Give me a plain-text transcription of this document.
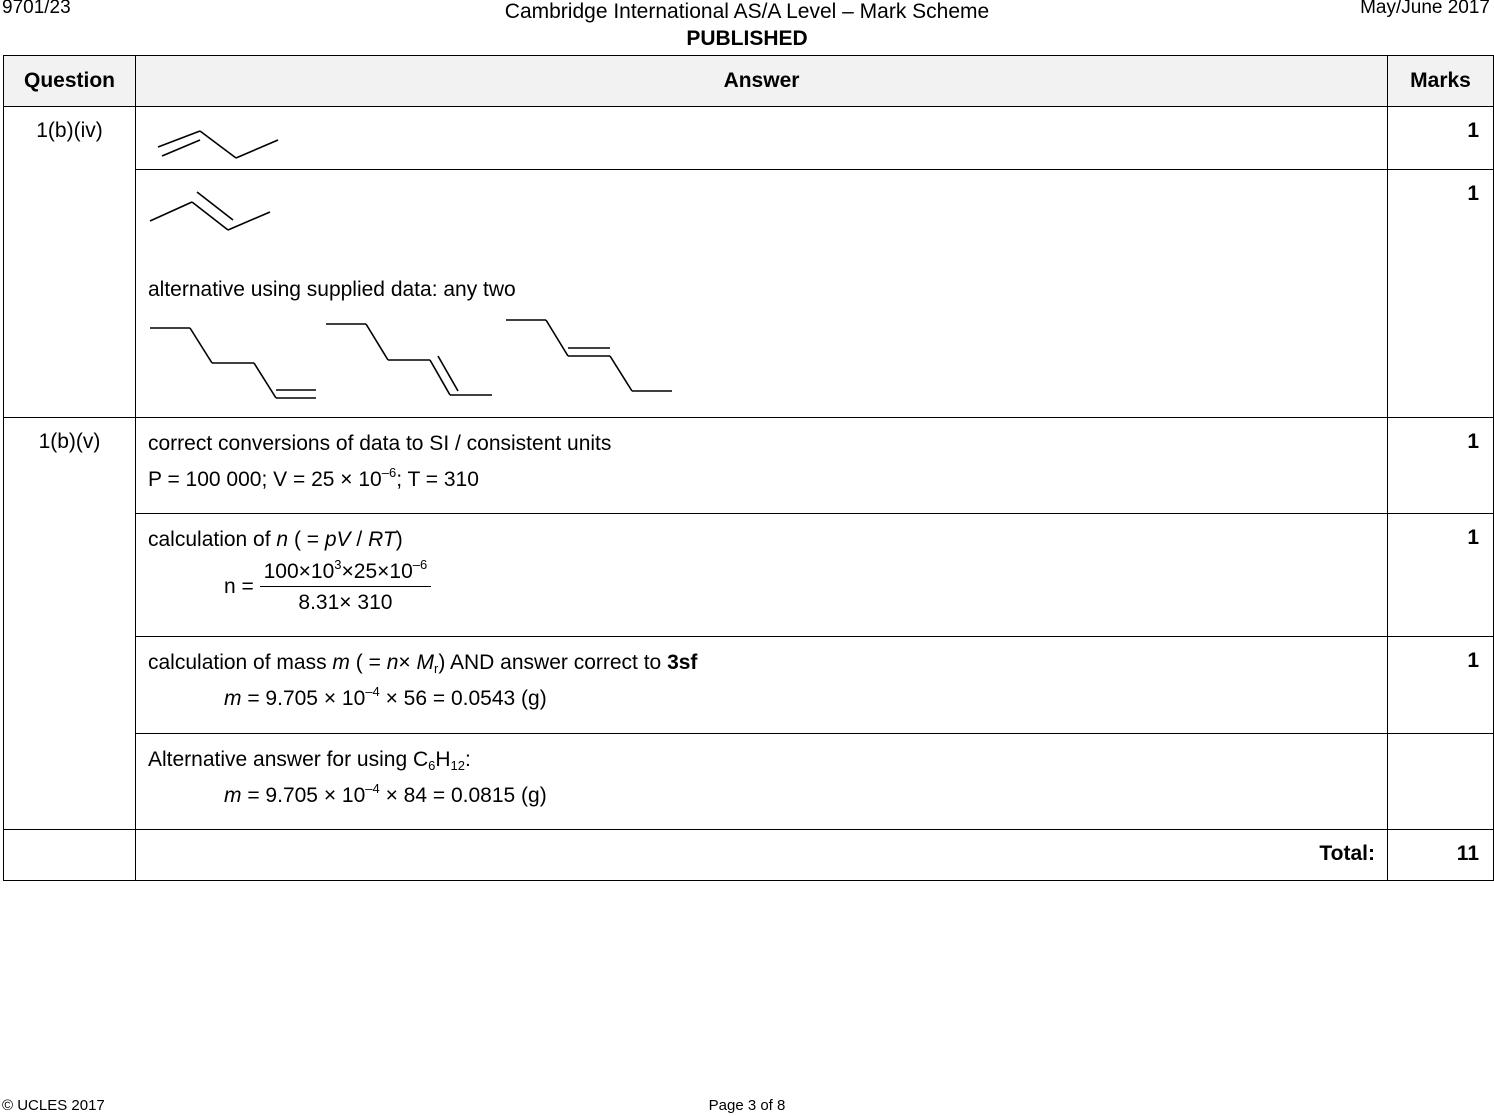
9701/23	Cambridge International AS/A Level – Mark Scheme
PUBLISHED
May/June 2017
Question	Answer	Marks
1(b)(iv)		1

	alternative using supplied data: any two	1
1(b)(v)	correct conversions of data to SI / consistent units
P = 100 000; $V = 25 \times 10^{-6}$; T = 310	1

	calculation of n ( = pV / RT)
$n = \frac{100\times 10^3\times 25\times 10^{-6}}{8.31\times 310}$	1

	calculation of mass m ( = $n\times M_r$) AND answer correct to 3sf
$m = 9.705 \times 10^{-4} \times 56 = 0.0543$ (g)	1

	Alternative answer for using $C_6H_{12}$:
$m = 9.705 \times 10^{-4} \times 84 = 0.0815$ (g)	

	Total:	11
© UCLES 2017	Page 3 of 8
